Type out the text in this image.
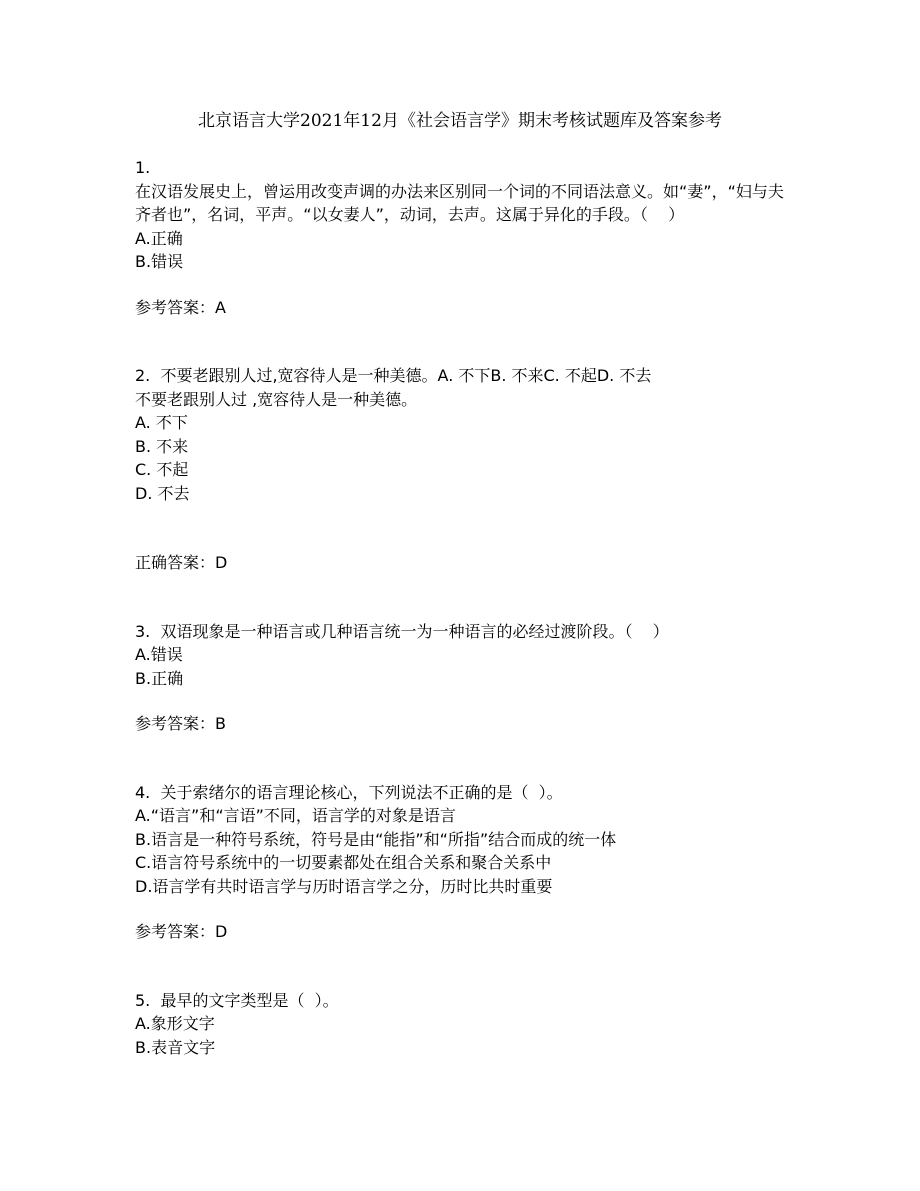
北京语言大学2021年12月《社会语言学》期末考核试题库及答案参考
1.
在汉语发展史上，曾运用改变声调的办法来区别同一个词的不同语法意义。如“妻”，“妇与夫齐者也”，名词，平声。“以女妻人”，动词，去声。这属于异化的手段。（    ）
A.正确
B.错误
参考答案：A
2.  不要老跟别人过,宽容待人是一种美德。A. 不下B. 不来C. 不起D. 不去
不要老跟别人过 ,宽容待人是一种美德。
A. 不下
B. 不来
C. 不起
D. 不去
正确答案：D
3.  双语现象是一种语言或几种语言统一为一种语言的必经过渡阶段。（    ）
A.错误
B.正确
参考答案：B
4.  关于索绪尔的语言理论核心，下列说法不正确的是（  ）。
A.“语言”和“言语”不同，语言学的对象是语言
B.语言是一种符号系统，符号是由“能指”和“所指”结合而成的统一体
C.语言符号系统中的一切要素都处在组合关系和聚合关系中
D.语言学有共时语言学与历时语言学之分，历时比共时重要
参考答案：D
5.  最早的文字类型是（  ）。
A.象形文字
B.表音文字
